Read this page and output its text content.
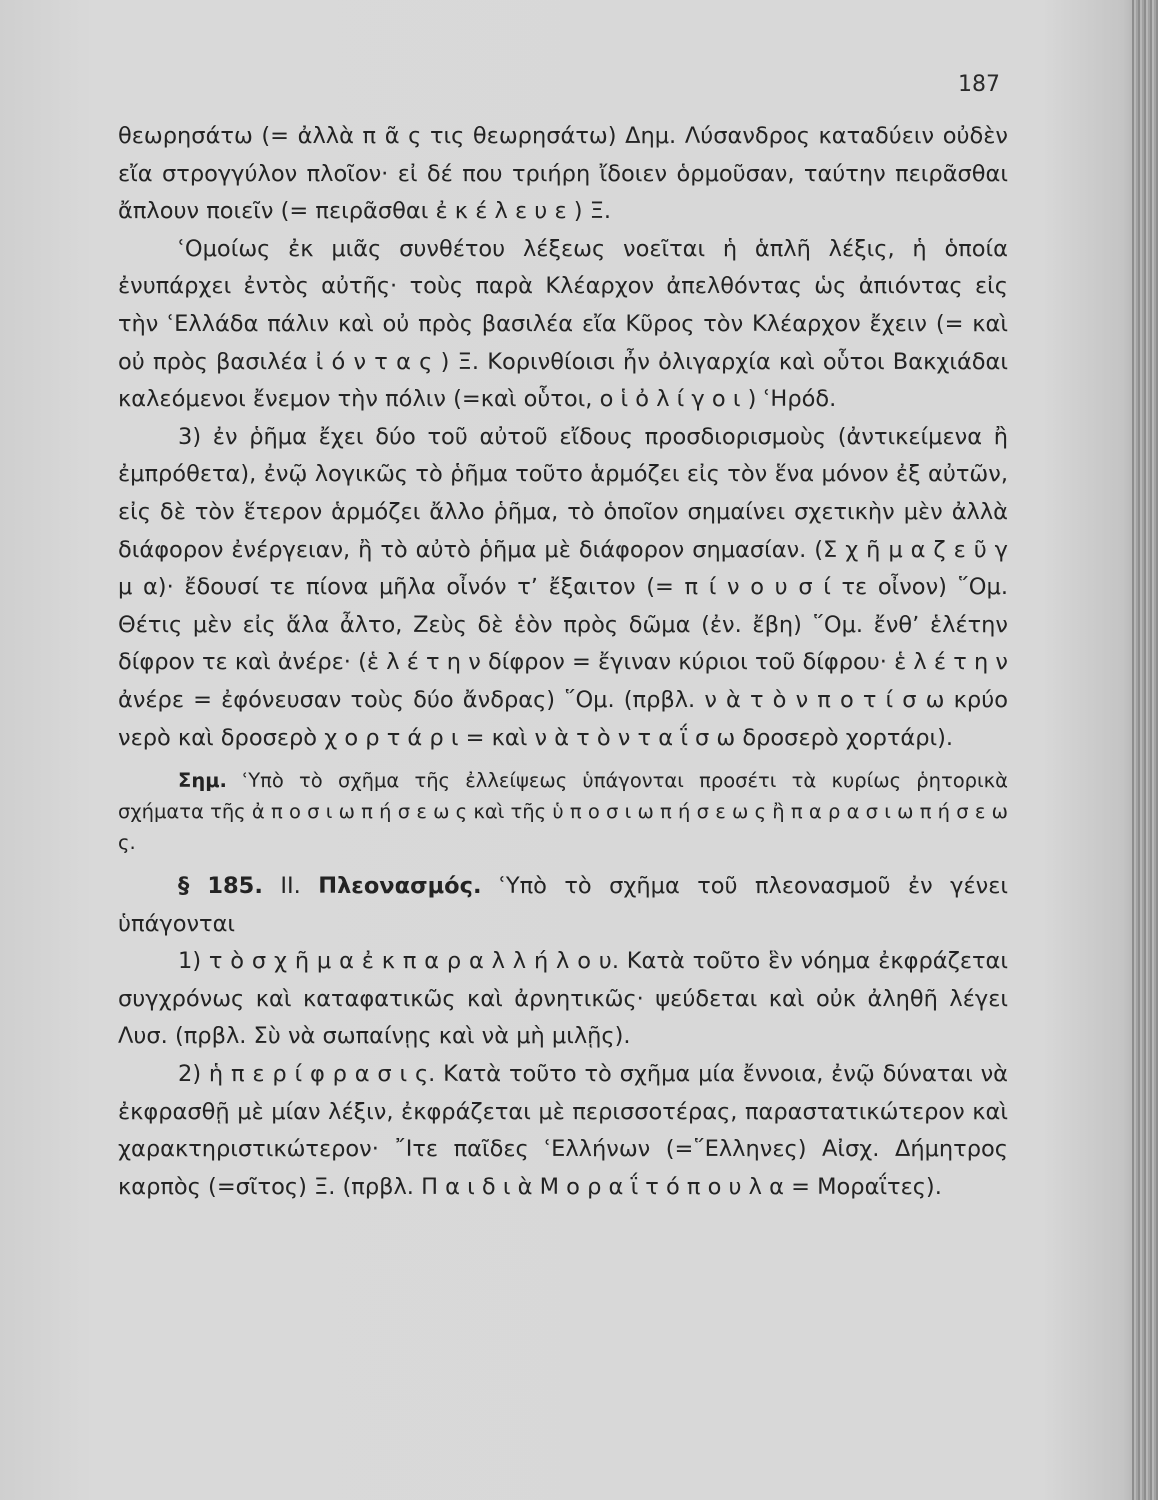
187

θεωρησάτω (= ἀλλὰ π ᾶ ς τις θεωρησάτω) Δημ. Λύσανδρος καταδύειν οὐδὲν εἴα στρογγύλον πλοῖον· εἰ δέ που τριήρη ἴδοιεν ὁρμοῦσαν, ταύτην πειρᾶσθαι ἄπλουν ποιεῖν (= πειρᾶσθαι ἐ κ έ λ ε υ ε ) Ξ.

ʿΟμοίως ἐκ μιᾶς συνθέτου λέξεως νοεῖται ἡ ἁπλῆ λέξις, ἡ ὁποία ἐνυπάρχει ἐντὸς αὐτῆς· τοὺς παρὰ Κλέαρχον ἀπελθόντας ὡς ἀπιόντας εἰς τὴν ʿΕλλάδα πάλιν καὶ οὐ πρὸς βασιλέα εἴα Κῦρος τὸν Κλέαρχον ἔχειν (= καὶ οὐ πρὸς βασιλέα ἰ ό ν τ α ς ) Ξ. Κορινθίοισι ἦν ὀλιγαρχία καὶ οὗτοι Βακχιάδαι καλεόμενοι ἔνεμον τὴν πόλιν (=καὶ οὗτοι, ο ἱ ὀ λ ί γ ο ι ) ʿΗρόδ.

3) ἐν ῥῆμα ἔχει δύο τοῦ αὐτοῦ εἴδους προσδιορισμοὺς (ἀντικείμενα ἢ ἐμπρόθετα), ἐνῷ λογικῶς τὸ ῥῆμα τοῦτο ἁρμόζει εἰς τὸν ἕνα μόνον ἐξ αὐτῶν, εἰς δὲ τὸν ἕτερον ἁρμόζει ἄλλο ῥῆμα, τὸ ὁποῖον σημαίνει σχετικὴν μὲν ἀλλὰ διάφορον ἐνέργειαν, ἢ τὸ αὐτὸ ῥῆμα μὲ διάφορον σημασίαν. (Σ χ ῆ μ α ζ ε ῦ γ μ α)· ἔδουσί τε πίονα μῆλα οἶνόν τʼ ἔξαιτον (= π ί ν ο υ σ ί τε οἶνον) ῞Ομ. Θέτις μὲν εἰς ἅλα ἆλτο, Ζεὺς δὲ ἑὸν πρὸς δῶμα (ἐν. ἔβη) ῞Ομ. ἔνθʼ ἑλέτην δίφρον τε καὶ ἀνέρε· (ἑ λ έ τ η ν δίφρον = ἔγιναν κύριοι τοῦ δίφρου· ἑ λ έ τ η ν ἀνέρε = ἐφόνευσαν τοὺς δύο ἄνδρας) ῞Ομ. (πρβλ. ν ὰ τ ὸ ν π ο τ ί σ ω κρύο νερὸ καὶ δροσερὸ χ ο ρ τ ά ρ ι = καὶ ν ὰ τ ὸ ν τ α ΐ σ ω δροσερὸ χορτάρι).

Σημ. ʿΥπὸ τὸ σχῆμα τῆς ἐλλείψεως ὑπάγονται προσέτι τὰ κυρίως ῥητορικὰ σχήματα τῆς ἀ π ο σ ι ω π ή σ ε ω ς καὶ τῆς ὑ π ο σ ι ω π ή σ ε ω ς ἢ π α ρ α σ ι ω π ή σ ε ω ς.

§ 185. II. Πλεονασμός. ʿΥπὸ τὸ σχῆμα τοῦ πλεονασμοῦ ἐν γένει ὑπάγονται

1) τ ὸ σ χ ῆ μ α ἐ κ π α ρ α λ λ ή λ ο υ. Κατὰ τοῦτο ἓν νόημα ἐκφράζεται συγχρόνως καὶ καταφατικῶς καὶ ἀρνητικῶς· ψεύδεται καὶ οὐκ ἀληθῆ λέγει Λυσ. (πρβλ. Σὺ νὰ σωπαίνῃς καὶ νὰ μὴ μιλῇς).

2) ἡ π ε ρ ί φ ρ α σ ι ς. Κατὰ τοῦτο τὸ σχῆμα μία ἔννοια, ἐνῷ δύναται νὰ ἐκφρασθῇ μὲ μίαν λέξιν, ἐκφράζεται μὲ περισσοτέρας, παραστατικώτερον καὶ χαρακτηριστικώτερον· ῎Ιτε παῖδες ʿΕλλήνων (=῞Ελληνες) Αἰσχ. Δήμητρος καρπὸς (=σῖτος) Ξ. (πρβλ. Π α ι δ ι ὰ Μ ο ρ α ΐ τ ό π ο υ λ α = Μοραΐτες).
